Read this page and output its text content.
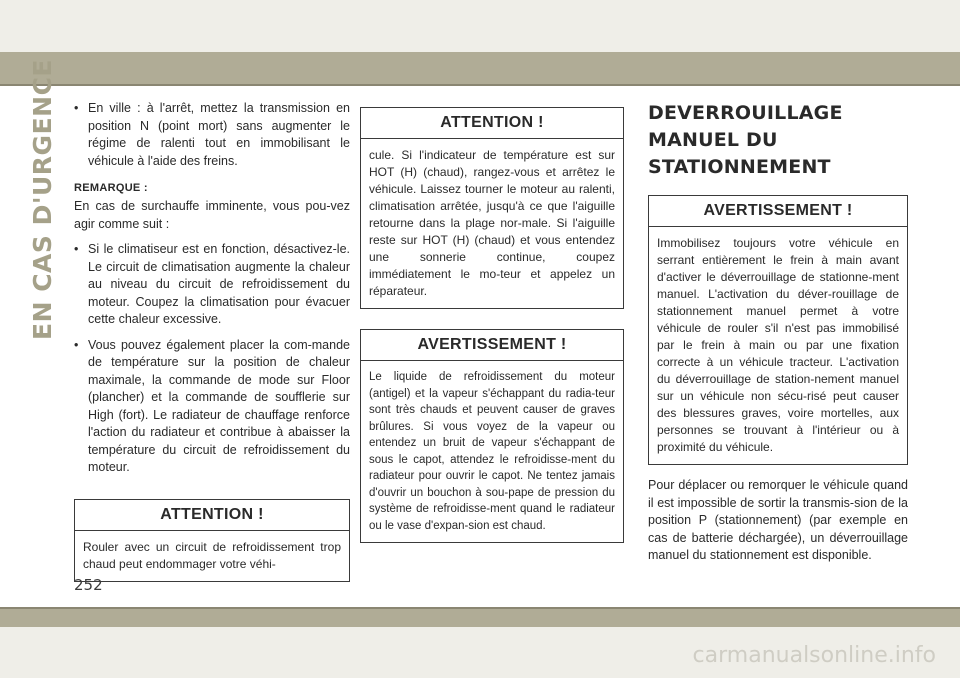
EN CAS D'URGENCE • En ville : à l'arrêt, mettez la transmission en position N (point mort) sans augmenter le régime de ralenti tout en immobilisant le véhicule à l'aide des freins.

REMARQUE :

En cas de surchauffe imminente, vous pou-vez agir comme suit :

• Si le climatiseur est en fonction, désactivez-le. Le circuit de climatisation augmente la chaleur au niveau du circuit de refroidissement du moteur. Coupez la climatisation pour évacuer cette chaleur excessive.

• Vous pouvez également placer la com-mande de température sur la position de chaleur maximale, la commande de mode sur Floor (plancher) et la commande de soufflerie sur High (fort). Le radiateur de chauffage renforce l'action du radiateur et contribue à abaisser la température du circuit de refroidissement du moteur.

ATTENTION !
Rouler avec un circuit de refroidissement trop chaud peut endommager votre véhi-
ATTENTION !
cule. Si l'indicateur de température est sur HOT (H) (chaud), rangez-vous et arrêtez le véhicule. Laissez tourner le moteur au ralenti, climatisation arrêtée, jusqu'à ce que l'aiguille retourne dans la plage nor-male. Si l'aiguille reste sur HOT (H) (chaud) et vous entendez une sonnerie continue, coupez immédiatement le mo-teur et appelez un réparateur.
AVERTISSEMENT !
Le liquide de refroidissement du moteur (antigel) et la vapeur s'échappant du radia-teur sont très chauds et peuvent causer de graves brûlures. Si vous voyez de la vapeur ou entendez un bruit de vapeur s'échappant de sous le capot, attendez le refroidisse-ment du radiateur pour ouvrir le capot. Ne tentez jamais d'ouvrir un bouchon à sou-pape de pression du système de refroidisse-ment quand le radiateur ou le vase d'expan-sion est chaud.
DEVERROUILLAGE
MANUEL DU
STATIONNEMENT
AVERTISSEMENT !
Immobilisez toujours votre véhicule en serrant entièrement le frein à main avant d'activer le déverrouillage de stationne-ment manuel. L'activation du déver-rouillage de stationnement manuel permet à votre véhicule de rouler s'il n'est pas immobilisé par le frein à main ou par une fixation correcte à un véhicule tracteur. L'activation du déverrouillage de station-nement manuel sur un véhicule non sécu-risé peut causer des blessures graves, voire mortelles, aux personnes se trouvant à l'intérieur ou à proximité du véhicule.

Pour déplacer ou remorquer le véhicule quand il est impossible de sortir la transmis-sion de la position P (stationnement) (par exemple en cas de batterie déchargée), un déverrouillage manuel du stationnement est disponible.

252
carmanualsonline.info
